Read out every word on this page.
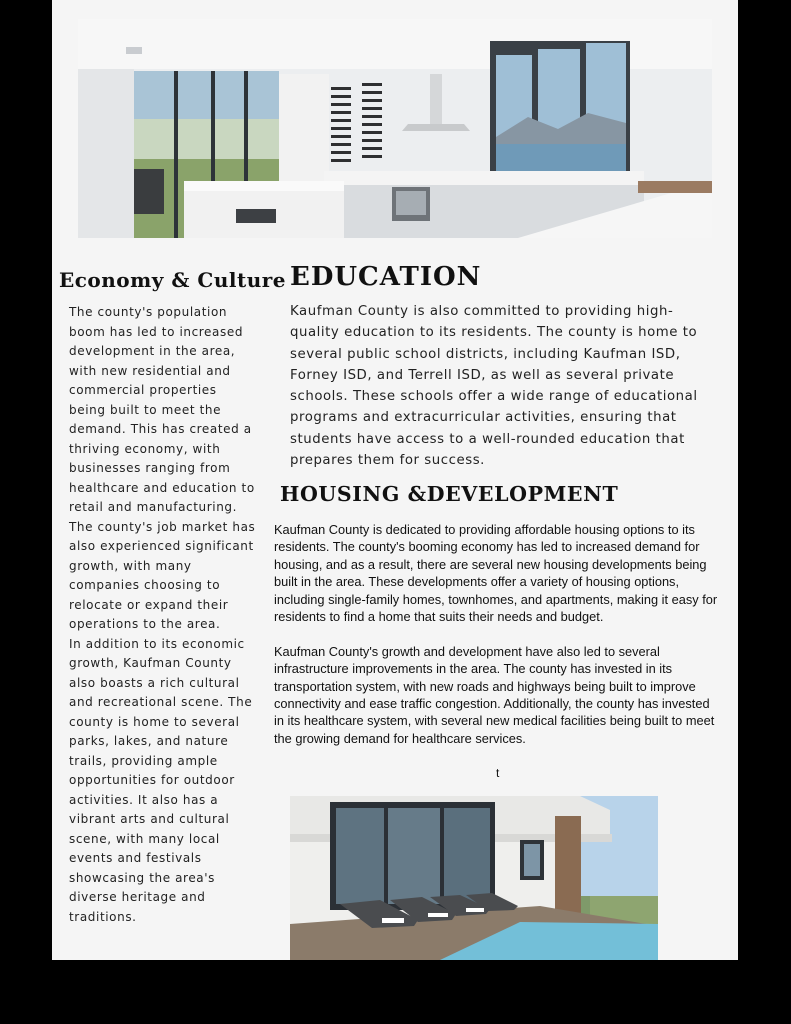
Economy & Culture

The county's population boom has led to increased development in the area, with new residential and commercial properties being built to meet the demand. This has created a thriving economy, with businesses ranging from healthcare and education to retail and manufacturing. The county's job market has also experienced significant growth, with many companies choosing to relocate or expand their operations to the area.

In addition to its economic growth, Kaufman County also boasts a rich cultural and recreational scene. The county is home to several parks, lakes, and nature trails, providing ample opportunities for outdoor activities. It also has a vibrant arts and cultural scene, with many local events and festivals showcasing the area's diverse heritage and traditions.

EDUCATION

Kaufman County is also committed to providing high-quality education to its residents. The county is home to several public school districts, including Kaufman ISD, Forney ISD, and Terrell ISD, as well as several private schools. These schools offer a wide range of educational programs and extracurricular activities, ensuring that students have access to a well-rounded education that prepares them for success.

HOUSING &DEVELOPMENT

Kaufman County is dedicated to providing affordable housing options to its residents. The county's booming economy has led to increased demand for housing, and as a result, there are several new housing developments being built in the area. These developments offer a variety of housing options, including single-family homes, townhomes, and apartments, making it easy for residents to find a home that suits their needs and budget.

Kaufman County's growth and development have also led to several infrastructure improvements in the area. The county has invested in its transportation system, with new roads and highways being built to improve connectivity and ease traffic congestion. Additionally, the county has invested in its healthcare system, with several new medical facilities being built to meet the growing demand for healthcare services.

t
